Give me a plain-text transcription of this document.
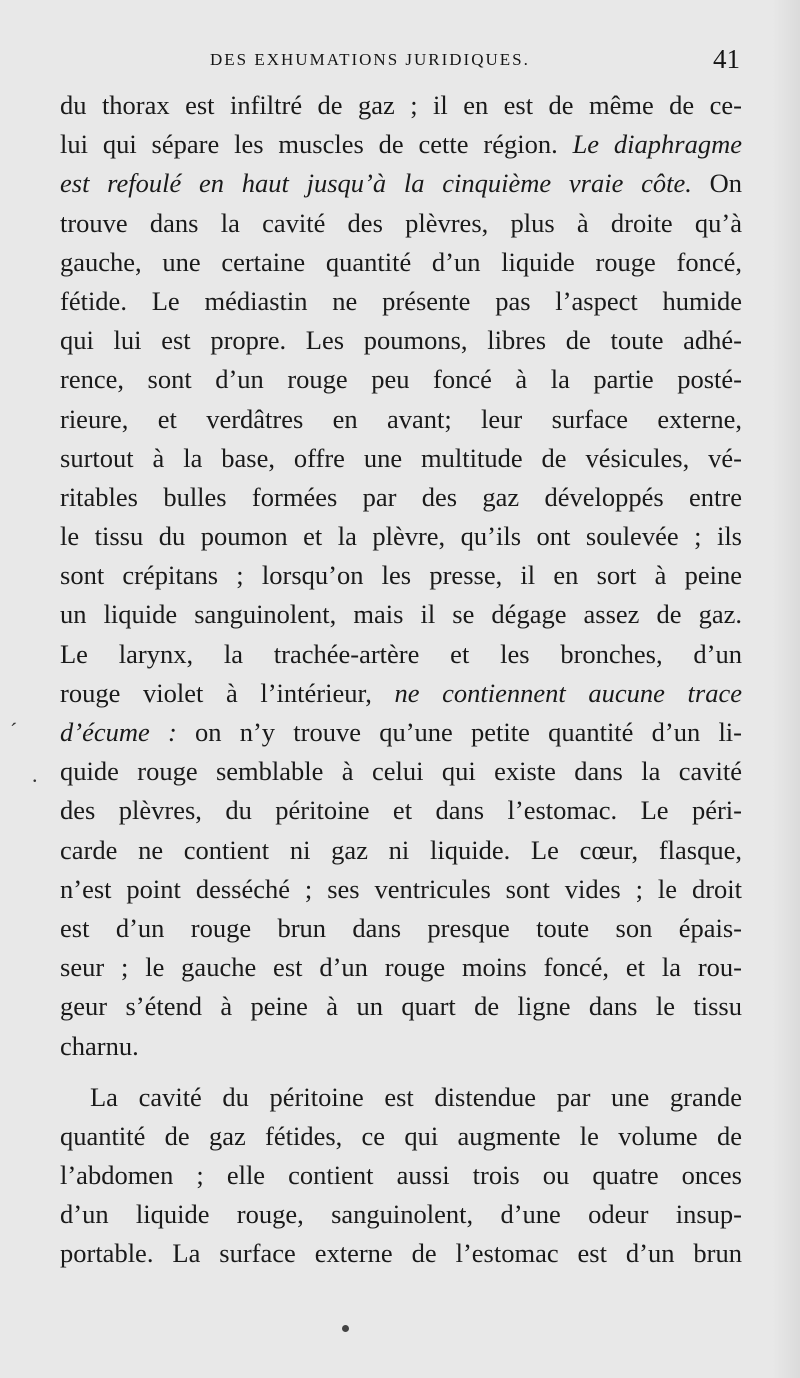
DES EXHUMATIONS JURIDIQUES.	41
´
.
du thorax est infiltré de gaz ; il en est de même de ce-
lui qui sépare les muscles de cette région. Le diaphragme
est refoulé en haut jusqu’à la cinquième vraie côte. On
trouve dans la cavité des plèvres, plus à droite qu’à
gauche, une certaine quantité d’un liquide rouge foncé,
fétide. Le médiastin ne présente pas l’aspect humide
qui lui est propre. Les poumons, libres de toute adhé-
rence, sont d’un rouge peu foncé à la partie posté-
rieure, et verdâtres en avant; leur surface externe,
surtout à la base, offre une multitude de vésicules, vé-
ritables bulles formées par des gaz développés entre
le tissu du poumon et la plèvre, qu’ils ont soulevée ; ils
sont crépitans ; lorsqu’on les presse, il en sort à peine
un liquide sanguinolent, mais il se dégage assez de gaz.
Le larynx, la trachée-artère et les bronches, d’un
rouge violet à l’intérieur, ne contiennent aucune trace
d’écume : on n’y trouve qu’une petite quantité d’un li-
quide rouge semblable à celui qui existe dans la cavité
des plèvres, du péritoine et dans l’estomac. Le péri-
carde ne contient ni gaz ni liquide. Le cœur, flasque,
n’est point desséché ; ses ventricules sont vides ; le droit
est d’un rouge brun dans presque toute son épais-
seur ; le gauche est d’un rouge moins foncé, et la rou-
geur s’étend à peine à un quart de ligne dans le tissu
charnu.
La cavité du péritoine est distendue par une grande
quantité de gaz fétides, ce qui augmente le volume de
l’abdomen ; elle contient aussi trois ou quatre onces
d’un liquide rouge, sanguinolent, d’une odeur insup-
portable. La surface externe de l’estomac est d’un brun
